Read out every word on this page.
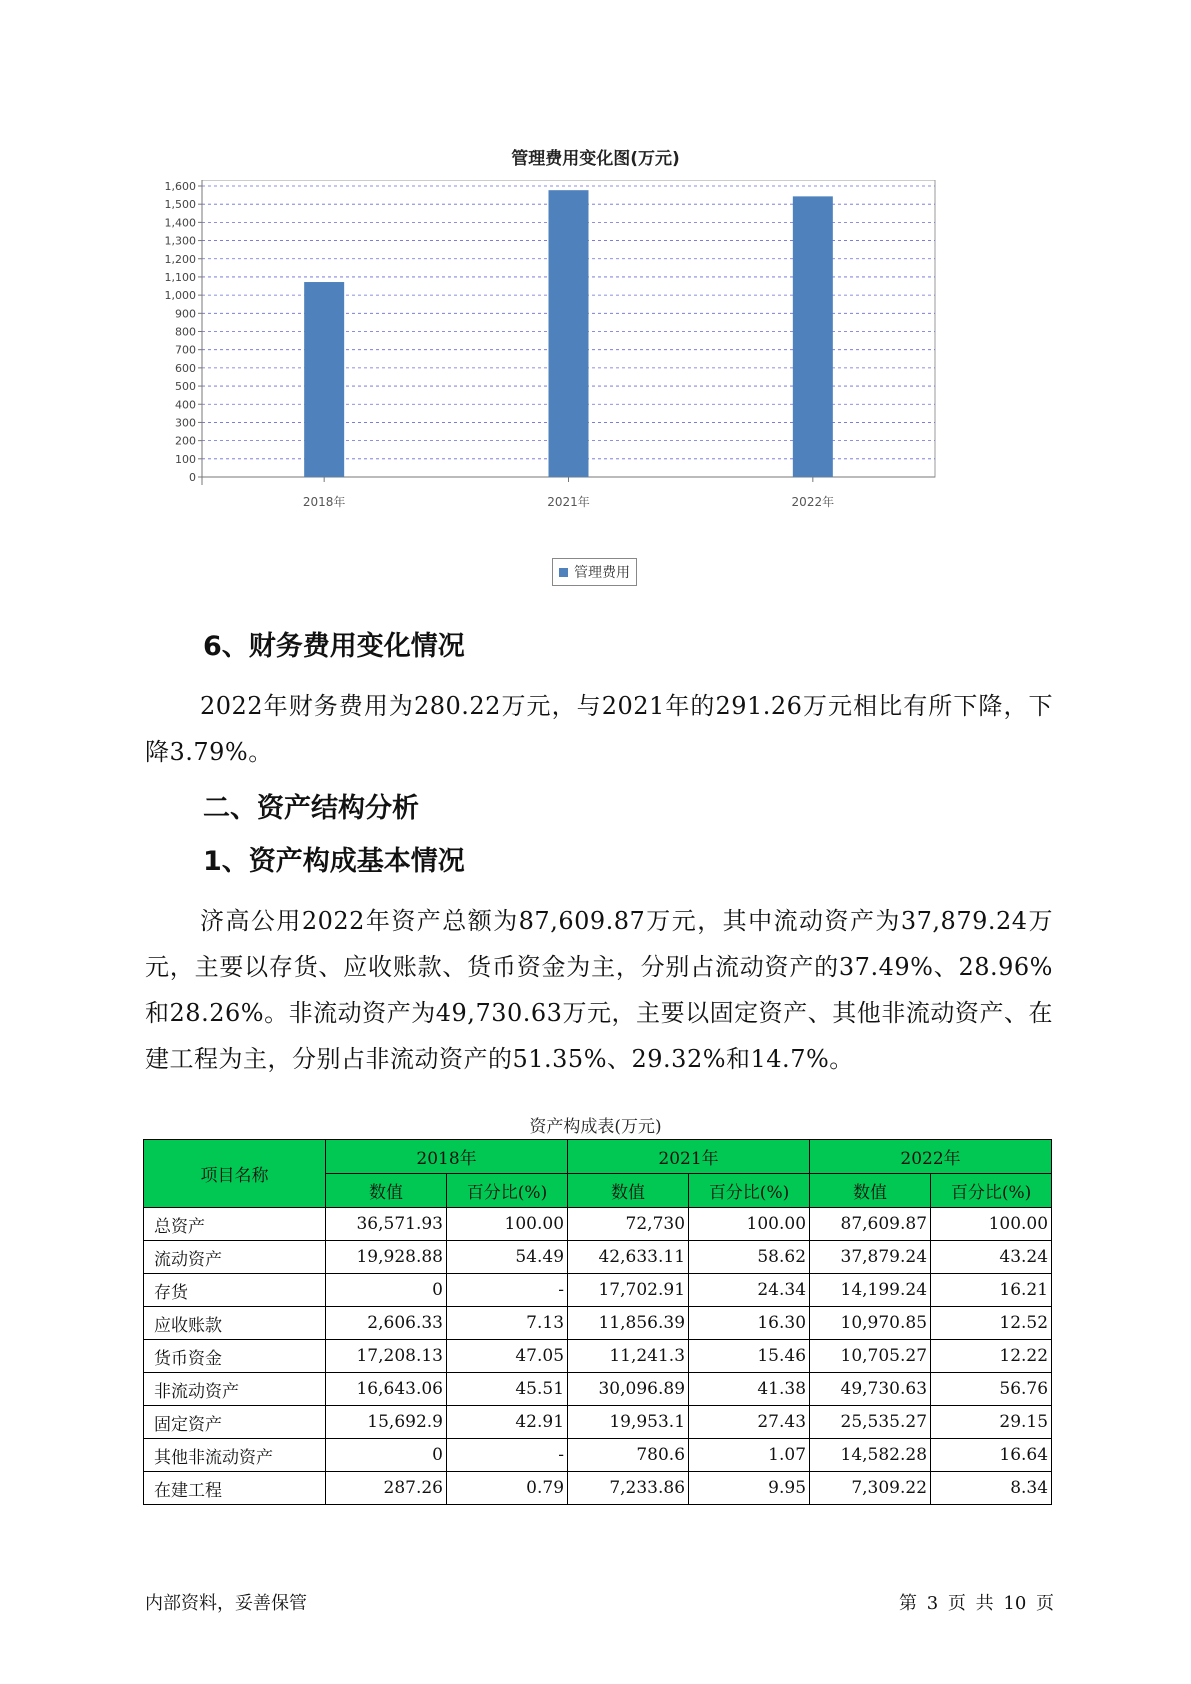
管理费用变化图(万元)
0
100
200
300
400
500
600
700
800
900
1,000
1,100
1,200
1,300
1,400
1,500
1,600
2018年	2021年	2022年
管理费用
6、财务费用变化情况
2022年财务费用为280.22万元，与2021年的291.26万元相比有所下降，下降3.79%。
二、资产结构分析
1、资产构成基本情况
济高公用2022年资产总额为87,609.87万元，其中流动资产为37,879.24万元，主要以存货、应收账款、货币资金为主，分别占流动资产的37.49%、28.96%和28.26%。非流动资产为49,730.63万元，主要以固定资产、其他非流动资产、在建工程为主，分别占非流动资产的51.35%、29.32%和14.7%。
资产构成表(万元)
项目名称	2018年		2021年		2022年	
	数值	百分比(%)	数值	百分比(%)	数值	百分比(%)
总资产	36,571.93	100.00	72,730	100.00	87,609.87	100.00
流动资产	19,928.88	54.49	42,633.11	58.62	37,879.24	43.24
存货	0	-	17,702.91	24.34	14,199.24	16.21
应收账款	2,606.33	7.13	11,856.39	16.30	10,970.85	12.52
货币资金	17,208.13	47.05	11,241.3	15.46	10,705.27	12.22
非流动资产	16,643.06	45.51	30,096.89	41.38	49,730.63	56.76
固定资产	15,692.9	42.91	19,953.1	27.43	25,535.27	29.15
其他非流动资产	0	-	780.6	1.07	14,582.28	16.64
在建工程	287.26	0.79	7,233.86	9.95	7,309.22	8.34
内部资料，妥善保管	第 3 页 共 10 页
